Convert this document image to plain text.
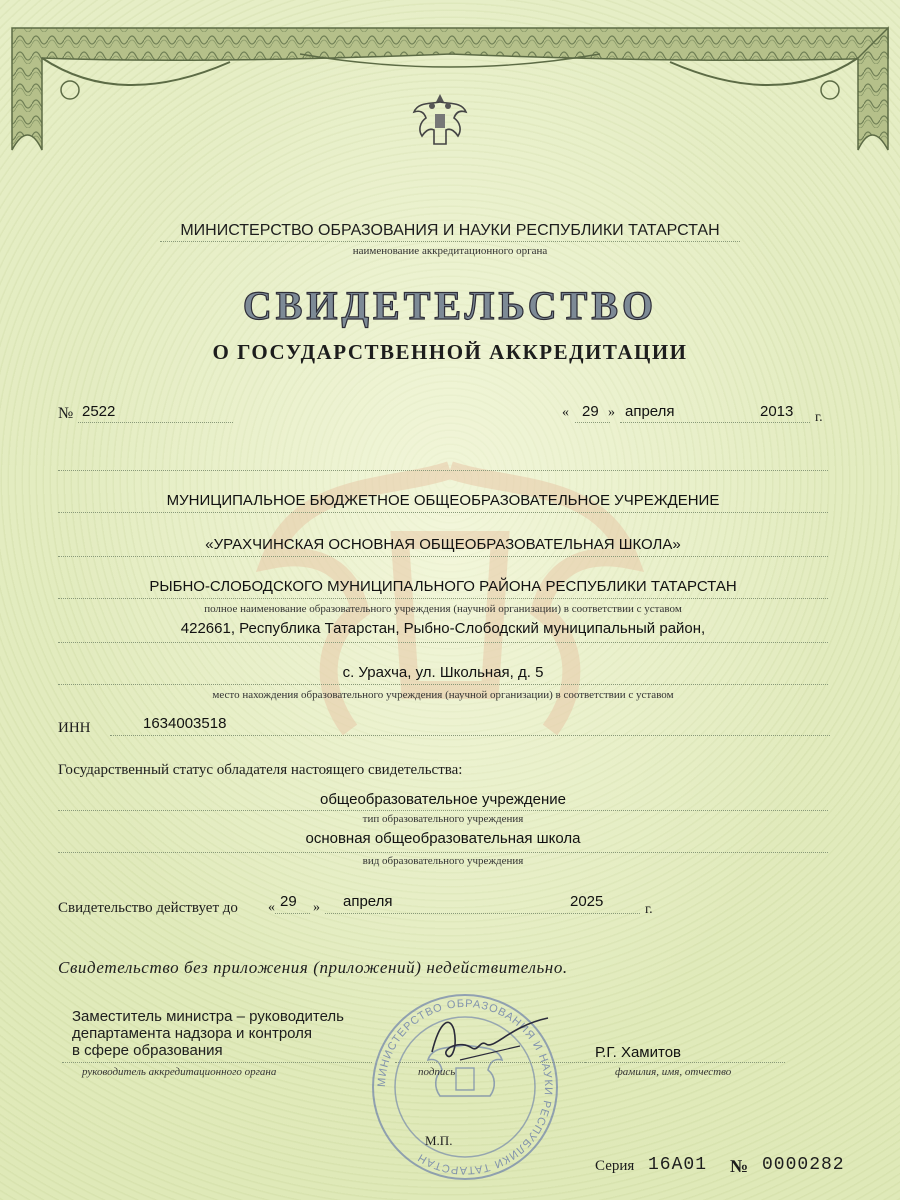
МИНИСТЕРСТВО ОБРАЗОВАНИЯ И НАУКИ РЕСПУБЛИКИ ТАТАРСТАН
наименование аккредитационного органа
СВИДЕТЕЛЬСТВО
О ГОСУДАРСТВЕННОЙ АККРЕДИТАЦИИ
№ 2522	« 29 » апреля	2013 г.
МУНИЦИПАЛЬНОЕ БЮДЖЕТНОЕ ОБЩЕОБРАЗОВАТЕЛЬНОЕ УЧРЕЖДЕНИЕ
«УРАХЧИНСКАЯ ОСНОВНАЯ ОБЩЕОБРАЗОВАТЕЛЬНАЯ ШКОЛА»
РЫБНО-СЛОБОДСКОГО МУНИЦИПАЛЬНОГО РАЙОНА РЕСПУБЛИКИ ТАТАРСТАН
полное наименование образовательного учреждения (научной организации) в соответствии с уставом
422661, Республика Татарстан, Рыбно-Слободский муниципальный район,
с. Урахча, ул. Школьная, д. 5
место нахождения образовательного учреждения (научной организации) в соответствии с уставом
ИНН	1634003518
Государственный статус обладателя настоящего свидетельства:
общеобразовательное учреждение
тип образовательного учреждения
основная общеобразовательная школа
вид образовательного учреждения
Свидетельство действует до « 29 » апреля	2025	г.
Свидетельство без приложения (приложений) недействительно.
МИНИСТЕРСТВО ОБРАЗОВАНИЯ И НАУКИ РЕСПУБЛИКИ ТАТАРСТАН
Заместитель министра – руководитель
департамента надзора и контроля
в сфере образования
руководитель аккредитационного органа	подпись
Р.Г. Хамитов
фамилия, имя, отчество
М.П.
Серия 16А01 № 0000282
